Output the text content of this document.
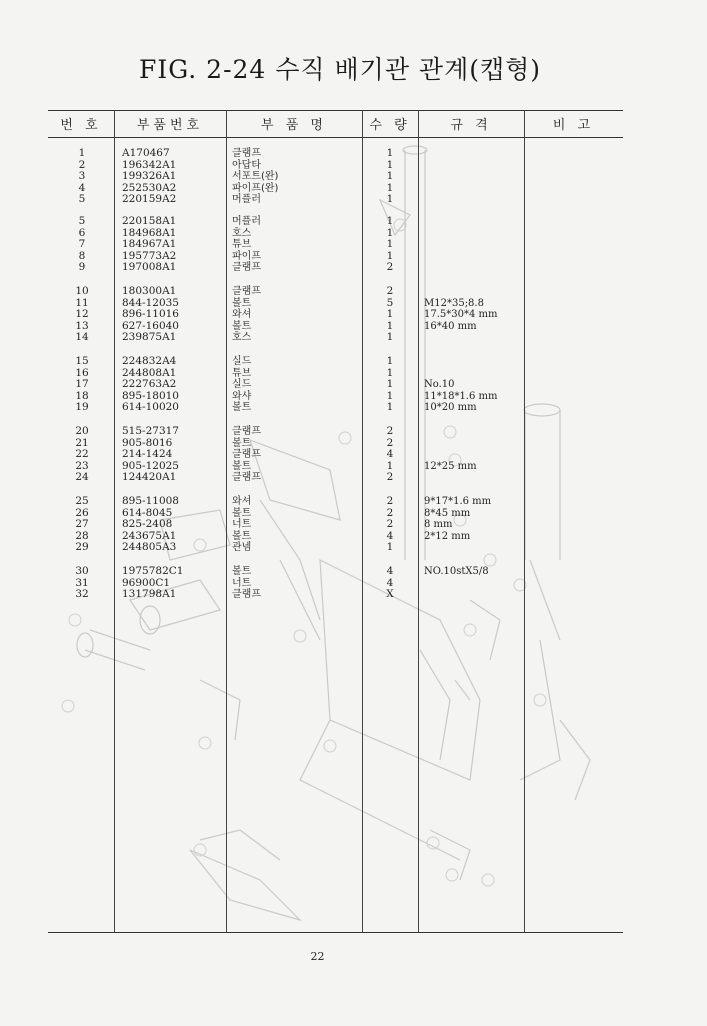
FIG. 2-24 수직 배기관 관계(캡형)
번 호	부품번호	부 품 명	수 량	규 격	비 고
1	A170467	클램프	1
2	196342A1	아답타	1
3	199326A1	서포트(완)	1
4	252530A2	파이프(완)	1
5	220159A2	머플러	1
5	220158A1	머플러	1
6	184968A1	호스	1
7	184967A1	튜브	1
8	195773A2	파이프	1
9	197008A1	클램프	2
10	180300A1	클램프	2
11	844-12035	볼트	5	M12*35;8.8
12	896-11016	와셔	1	17.5*30*4 mm
13	627-16040	볼트	1	16*40 mm
14	239875A1	호스	1
15	224832A4	실드	1
16	244808A1	튜브	1
17	222763A2	실드	1	No.10
18	895-18010	와샤	1	11*18*1.6 mm
19	614-10020	볼트	1	10*20 mm
20	515-27317	클램프	2
21	905-8016	볼트	2
22	214-1424	클램프	4
23	905-12025	볼트	1	12*25 mm
24	124420A1	클램프	2
25	895-11008	와셔	2	9*17*1.6 mm
26	614-8045	볼트	2	8*45 mm
27	825-2408	너트	2	8 mm
28	243675A1	볼트	4	2*12 mm
29	244805A3	관넴	1
30	1975782C1	볼트	4	NO.10stX5/8
31	96900C1	너트	4
32	131798A1	클램프	X
22
